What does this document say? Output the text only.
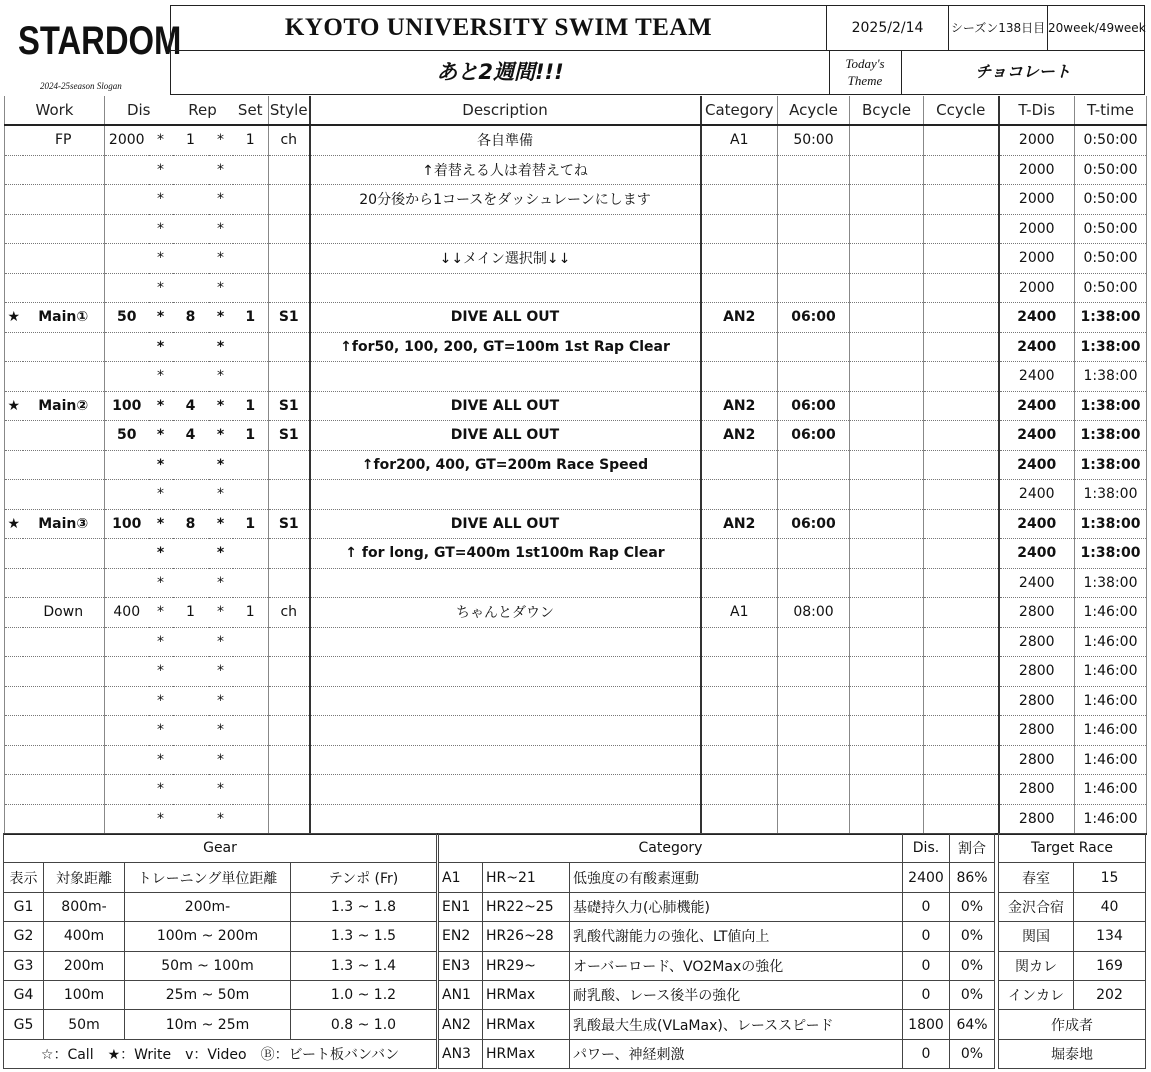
STARDOM
2024-25season Slogan
KYOTO UNIVERSITY SWIM TEAM	2025/2/14	シーズン138日目 20week/49week
あと2週間!!!	Today's Theme	チョコレート
Work		Dis		Rep		Set	Style	Description	Category	Acycle	Bcycle	Ccycle	T-Dis	T-time
	FP	2000	*	1	*	1	ch	各自準備	A1	50:00			2000	0:50:00
			*		*			↑着替える人は着替えてね					2000	0:50:00
			*		*			20分後から1コースをダッシュレーンにします					2000	0:50:00
			*		*								2000	0:50:00
			*		*			↓↓メイン選択制↓↓					2000	0:50:00
			*		*								2000	0:50:00
★	Main①	50	*	8	*	1	S1	DIVE ALL OUT	AN2	06:00			2400	1:38:00
			*		*			↑for50, 100, 200, GT=100m 1st Rap Clear					2400	1:38:00
			*		*								2400	1:38:00
★	Main②	100	*	4	*	1	S1	DIVE ALL OUT	AN2	06:00			2400	1:38:00
		50	*	4	*	1	S1	DIVE ALL OUT	AN2	06:00			2400	1:38:00
			*		*			↑for200, 400, GT=200m Race Speed					2400	1:38:00
			*		*								2400	1:38:00
★	Main③	100	*	8	*	1	S1	DIVE ALL OUT	AN2	06:00			2400	1:38:00
			*		*			↑ for long, GT=400m 1st100m Rap Clear					2400	1:38:00
			*		*								2400	1:38:00
	Down	400	*	1	*	1	ch	ちゃんとダウン	A1	08:00			2800	1:46:00
			*		*								2800	1:46:00
			*		*								2800	1:46:00
			*		*								2800	1:46:00
			*		*								2800	1:46:00
			*		*								2800	1:46:00
			*		*								2800	1:46:00
			*		*								2800	1:46:00
Gear			
表示	対象距離	トレーニング単位距離	テンポ (Fr)
G1	800m-	200m-	1.3 ~ 1.8
G2	400m	100m ~ 200m	1.3 ~ 1.5
G3	200m	50m ~ 100m	1.3 ~ 1.4
G4	100m	25m ~ 50m	1.0 ~ 1.2
G5	50m	10m ~ 25m	0.8 ~ 1.0
☆：Call　★：Write　v：Video　Ⓑ：ビート板バンバン			
Category			Dis.	割合
A1	HR~21	低強度の有酸素運動	2400	86%
EN1	HR22~25	基礎持久力(心肺機能)	0	0%
EN2	HR26~28	乳酸代謝能力の強化、LT値向上	0	0%
EN3	HR29~	オーバーロード、VO2Maxの強化	0	0%
AN1	HRMax	耐乳酸、レース後半の強化	0	0%
AN2	HRMax	乳酸最大生成(VLaMax)、レーススピード	1800	64%
AN3	HRMax	パワー、神経刺激	0	0%
Target Race	
春室	15
金沢合宿	40
関国	134
関カレ	169
インカレ	202
作成者	
堀泰地	
